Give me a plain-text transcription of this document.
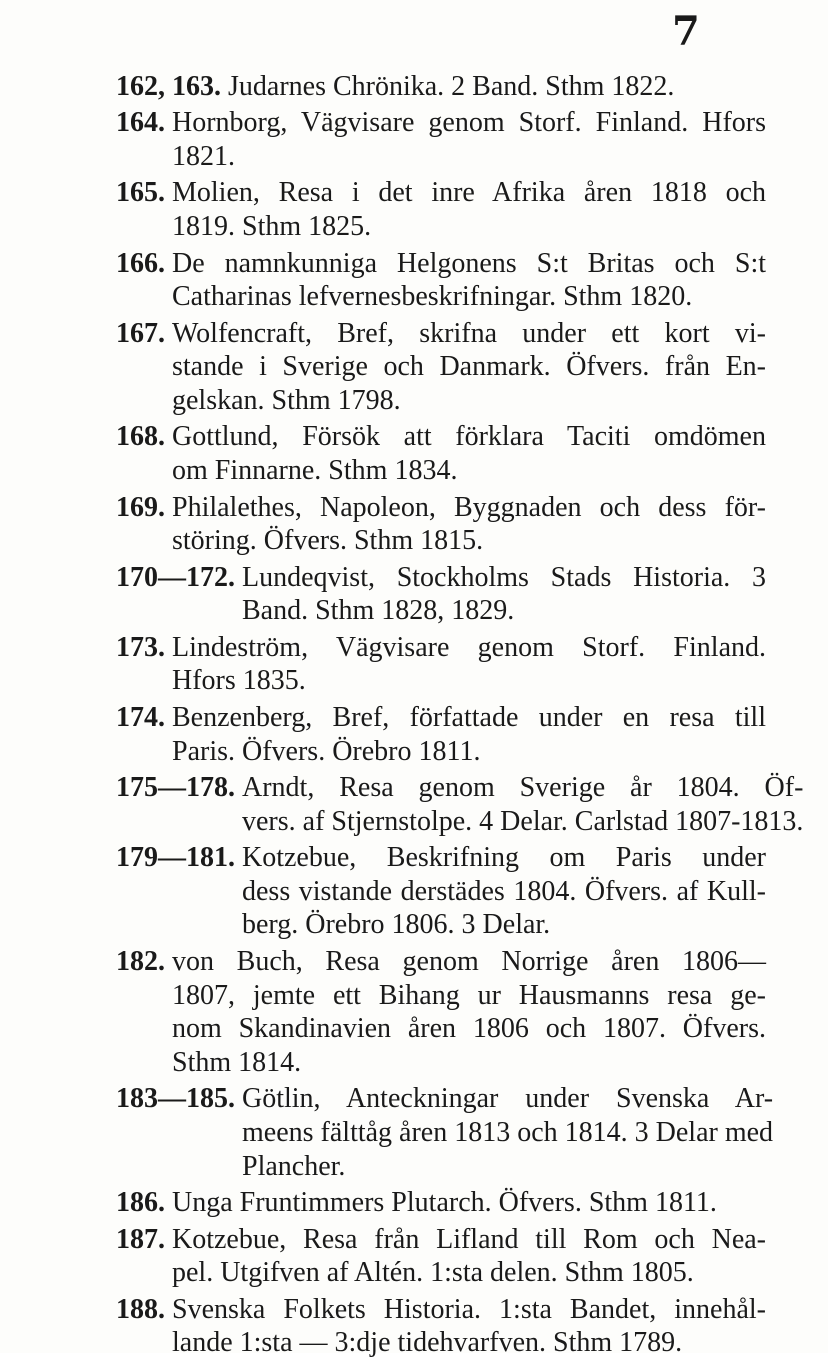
7
162, 163. Judarnes Chrönika. 2 Band. Sthm 1822.
164. Hornborg, Vägvisare genom Storf. Finland. Hfors
1821.
165. Molien, Resa i det inre Afrika åren 1818 och
1819. Sthm 1825.
166. De namnkunniga Helgonens S:t Britas och S:t
Catharinas lefvernesbeskrifningar. Sthm 1820.
167. Wolfencraft, Bref, skrifna under ett kort vi-
stande i Sverige och Danmark. Öfvers. från En-
gelskan. Sthm 1798.
168. Gottlund, Försök att förklara Taciti omdömen
om Finnarne. Sthm 1834.
169. Philalethes, Napoleon, Byggnaden och dess för-
störing. Öfvers. Sthm 1815.
170—172. Lundeqvist, Stockholms Stads Historia. 3
Band. Sthm 1828, 1829.
173. Lindeström, Vägvisare genom Storf. Finland.
Hfors 1835.
174. Benzenberg, Bref, författade under en resa till
Paris. Öfvers. Örebro 1811.
175—178. Arndt, Resa genom Sverige år 1804. Öf-
vers. af Stjernstolpe. 4 Delar. Carlstad 1807-1813.
179—181. Kotzebue, Beskrifning om Paris under
dess vistande derstädes 1804. Öfvers. af Kull-
berg. Örebro 1806. 3 Delar.
182. von Buch, Resa genom Norrige åren 1806—
1807, jemte ett Bihang ur Hausmanns resa ge-
nom Skandinavien åren 1806 och 1807. Öfvers.
Sthm 1814.
183—185. Götlin, Anteckningar under Svenska Ar-
meens fälttåg åren 1813 och 1814. 3 Delar med
Plancher.
186. Unga Fruntimmers Plutarch. Öfvers. Sthm 1811.
187. Kotzebue, Resa från Lifland till Rom och Nea-
pel. Utgifven af Altén. 1:sta delen. Sthm 1805.
188. Svenska Folkets Historia. 1:sta Bandet, innehål-
lande 1:sta — 3:dje tidehvarfven. Sthm 1789.
